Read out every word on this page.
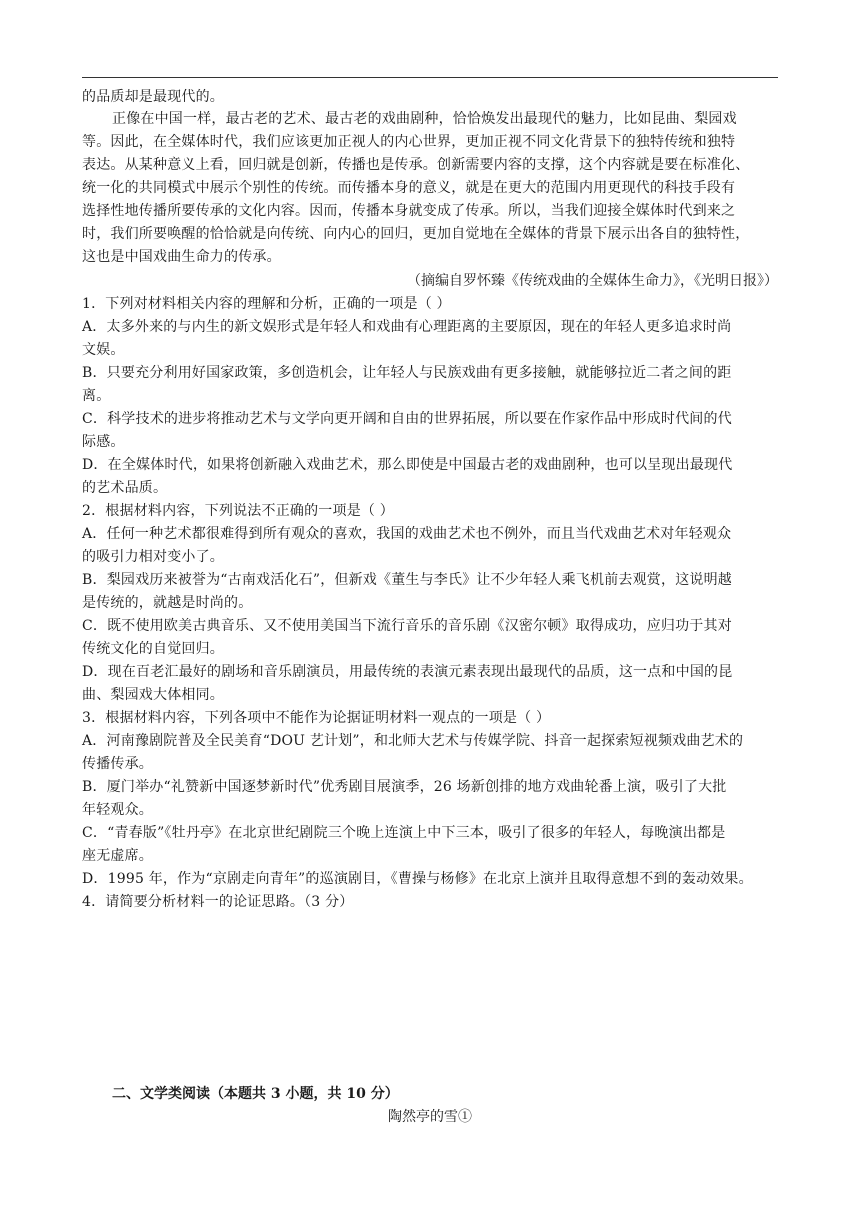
的品质却是最现代的。
正像在中国一样，最古老的艺术、最古老的戏曲剧种，恰恰焕发出最现代的魅力，比如昆曲、梨园戏
等。因此，在全媒体时代，我们应该更加正视人的内心世界，更加正视不同文化背景下的独特传统和独特
表达。从某种意义上看，回归就是创新，传播也是传承。创新需要内容的支撑，这个内容就是要在标准化、
统一化的共同模式中展示个别性的传统。而传播本身的意义，就是在更大的范围内用更现代的科技手段有
选择性地传播所要传承的文化内容。因而，传播本身就变成了传承。所以，当我们迎接全媒体时代到来之
时，我们所要唤醒的恰恰就是向传统、向内心的回归，更加自觉地在全媒体的背景下展示出各自的独特性，
这也是中国戏曲生命力的传承。
（摘编自罗怀臻《传统戏曲的全媒体生命力》，《光明日报》）
1．下列对材料相关内容的理解和分析，正确的一项是（ ）
A．太多外来的与内生的新文娱形式是年轻人和戏曲有心理距离的主要原因，现在的年轻人更多追求时尚
文娱。
B．只要充分利用好国家政策，多创造机会，让年轻人与民族戏曲有更多接触，就能够拉近二者之间的距
离。
C．科学技术的进步将推动艺术与文学向更开阔和自由的世界拓展，所以要在作家作品中形成时代间的代
际感。
D．在全媒体时代，如果将创新融入戏曲艺术，那么即使是中国最古老的戏曲剧种，也可以呈现出最现代
的艺术品质。
2．根据材料内容，下列说法不正确的一项是（ ）
A．任何一种艺术都很难得到所有观众的喜欢，我国的戏曲艺术也不例外，而且当代戏曲艺术对年轻观众
的吸引力相对变小了。
B．梨园戏历来被誉为“古南戏活化石”，但新戏《董生与李氏》让不少年轻人乘飞机前去观赏，这说明越
是传统的，就越是时尚的。
C．既不使用欧美古典音乐、又不使用美国当下流行音乐的音乐剧《汉密尔顿》取得成功，应归功于其对
传统文化的自觉回归。
D．现在百老汇最好的剧场和音乐剧演员，用最传统的表演元素表现出最现代的品质，这一点和中国的昆
曲、梨园戏大体相同。
3．根据材料内容，下列各项中不能作为论据证明材料一观点的一项是（ ）
A．河南豫剧院普及全民美育“DOU 艺计划”，和北师大艺术与传媒学院、抖音一起探索短视频戏曲艺术的
传播传承。
B．厦门举办“礼赞新中国逐梦新时代”优秀剧目展演季，26 场新创排的地方戏曲轮番上演，吸引了大批
年轻观众。
C．“青春版”《牡丹亭》在北京世纪剧院三个晚上连演上中下三本，吸引了很多的年轻人，每晚演出都是
座无虚席。
D．1995 年，作为“京剧走向青年”的巡演剧目，《曹操与杨修》在北京上演并且取得意想不到的轰动效果。
4．请简要分析材料一的论证思路。（3 分）
二、文学类阅读（本题共 3 小题，共 10 分）
陶然亭的雪①
